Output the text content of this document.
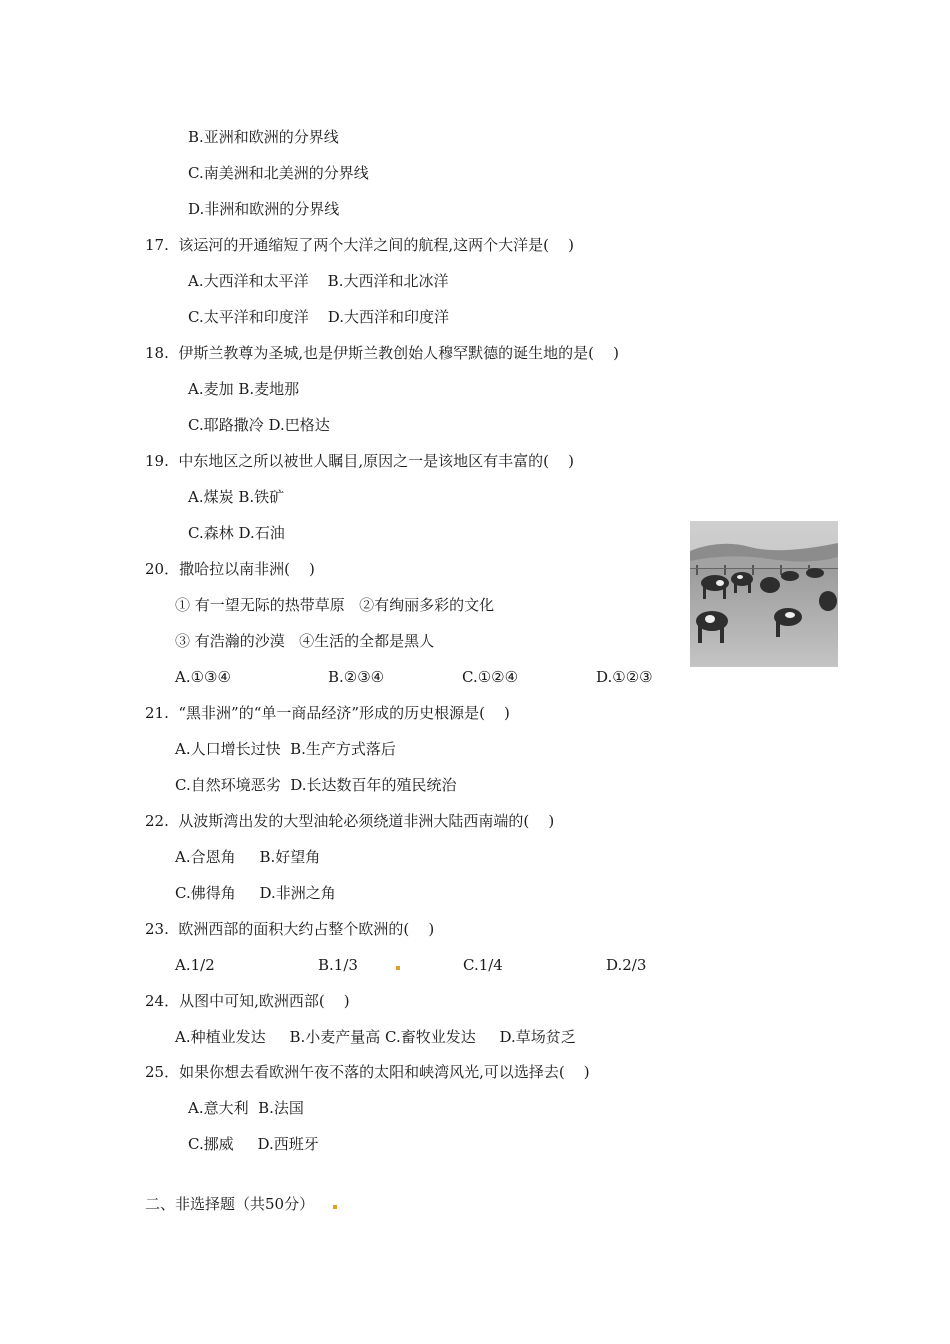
B.亚洲和欧洲的分界线
C.南美洲和北美洲的分界线
D.非洲和欧洲的分界线
17.  该运河的开通缩短了两个大洋之间的航程,这两个大洋是(    )
A.大西洋和太平洋    B.大西洋和北冰洋
C.太平洋和印度洋    D.大西洋和印度洋
18.  伊斯兰教尊为圣城,也是伊斯兰教创始人穆罕默德的诞生地的是(    )
A.麦加 B.麦地那
C.耶路撒冷 D.巴格达
19.  中东地区之所以被世人瞩目,原因之一是该地区有丰富的(    )
A.煤炭 B.铁矿
C.森林 D.石油
20．撒哈拉以南非洲(    )
① 有一望无际的热带草原   ②有绚丽多彩的文化
③ 有浩瀚的沙漠   ④生活的全都是黑人
A.①③④	B.②③④	C.①②④	D.①②③
21.  “黑非洲”的“单一商品经济”形成的历史根源是(    )
A.人口增长过快  B.生产方式落后
C.自然环境恶劣  D.长达数百年的殖民统治
22.  从波斯湾出发的大型油轮必须绕道非洲大陆西南端的(    )
A.合恩角     B.好望角
C.佛得角     D.非洲之角
23.  欧洲西部的面积大约占整个欧洲的(    )
A.1/2	B.1/3	C.1/4	D.2/3
24．从图中可知,欧洲西部(    )
A.种植业发达     B.小麦产量高 C.畜牧业发达     D.草场贫乏
25．如果你想去看欧洲午夜不落的太阳和峡湾风光,可以选择去(    )
A.意大利  B.法国
C.挪威     D.西班牙
二、非选择题（共50分）
